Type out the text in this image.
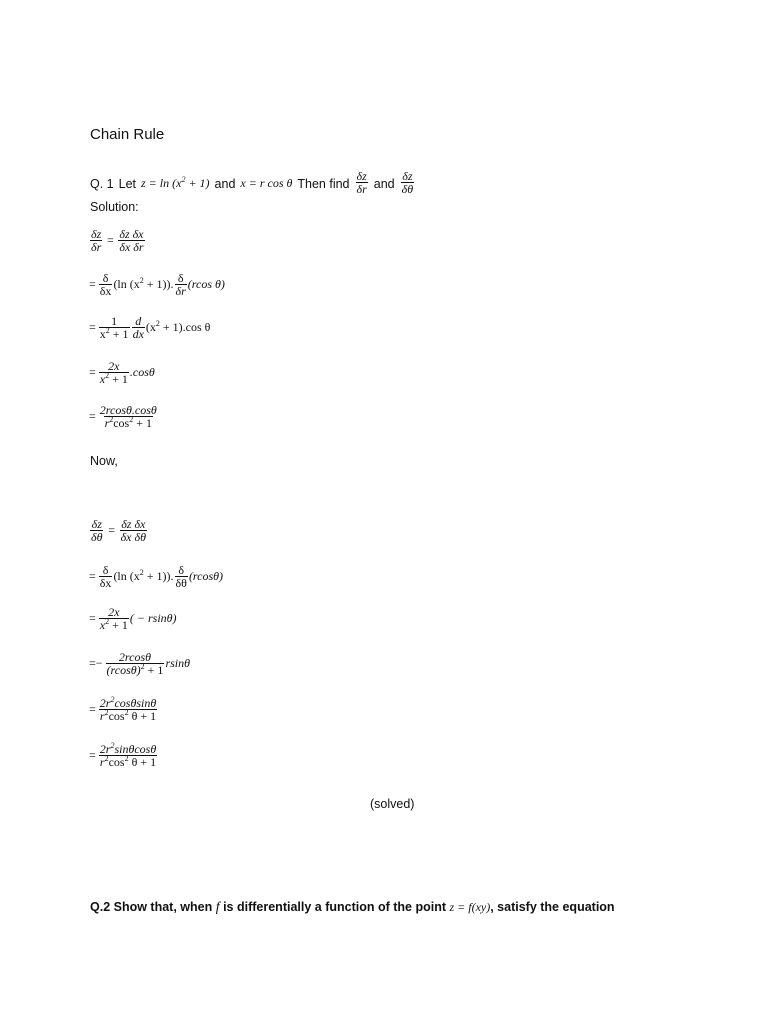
Chain Rule
Q. 1 Let $z = \ln (x^2 + 1)$ and x = r cos θ Then find $\frac{\delta z}{\delta r}$ and $\frac{\delta z}{\delta\theta}$
Solution:
$\frac{\delta z}{\delta r} = \frac{\text{δz δx}}{\text{δx δr}}$
= $\frac{\delta}{\delta x} (\ln$ $(x^2 + 1)$). $\frac{\delta}{\delta r} (rcos$ θ)
= $\frac{1}{x^2 + 1} \frac{d}{dx} (x^2 + 1).\cos$ θ
= $\frac{2x}{x^2 + 1} .\cos\theta$
= $\frac{2rcos\theta.\cos\theta}{r^2\cos^2 + 1}$
Now,
$\frac{\delta z}{\delta\theta} = \frac{\text{δz δx}}{\text{δx δθ}}$
= $\frac{\delta}{\delta x} (\ln$ $(x^2 + 1)$). $\frac{\delta}{\delta\theta} (rcos\theta)$
= $\frac{2x}{x^2 + 1}$ ( − rsinθ)
=− $\frac{2rcos\theta}{(rcos\theta)^2 + 1}$ rsinθ
= $\frac{2r^2\cos\theta\sin\theta}{r^2\cos^2 \theta + 1}$
= $\frac{2r^2\sin\theta\cos\theta}{r^2\cos^2 \theta + 1}$
(solved)
Q.2 Show that, when f is differentially a function of the point z = f(xy) , satisfy the equation
